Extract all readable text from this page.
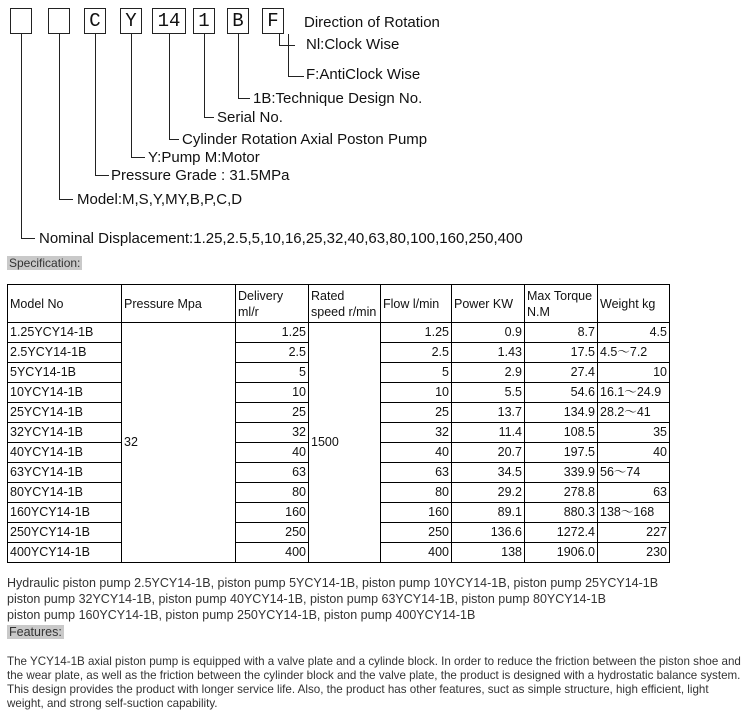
C Y 14 1 B F	Direction of Rotation
Nl:Clock Wise
F:AntiClock Wise
1B:Technique Design No.
Serial No.
Cylinder Rotation Axial Poston Pump
Y:Pump M:Motor
Pressure Grade : 31.5MPa
Model:M,S,Y,MY,B,P,C,D
Nominal Displacement:1.25,2.5,5,10,16,25,32,40,63,80,100,160,250,400
Specification:
Model No	Pressure Mpa	Delivery ml/r	Rated speed r/min	Flow l/min	Power KW	Max Torque N.M	Weight kg
1.25YCY14-1B	32	1.25	1500	1.25	0.9	8.7	4.5
2.5YCY14-1B		2.5		2.5	1.43	17.5	4.5～7.2
5YCY14-1B		5		5	2.9	27.4	10
10YCY14-1B		10		10	5.5	54.6	16.1～24.9
25YCY14-1B		25		25	13.7	134.9	28.2～41
32YCY14-1B		32		32	11.4	108.5	35
40YCY14-1B		40		40	20.7	197.5	40
63YCY14-1B		63		63	34.5	339.9	56～74
80YCY14-1B		80		80	29.2	278.8	63
160YCY14-1B		160		160	89.1	880.3	138～168
250YCY14-1B		250		250	136.6	1272.4	227
400YCY14-1B		400		400	138	1906.0	230
Hydraulic piston pump 2.5YCY14-1B, piston pump 5YCY14-1B, piston pump 10YCY14-1B, piston pump 25YCY14-1B
piston pump 32YCY14-1B, piston pump 40YCY14-1B, piston pump 63YCY14-1B, piston pump 80YCY14-1B
piston pump 160YCY14-1B, piston pump 250YCY14-1B, piston pump 400YCY14-1B
Features:
The YCY14-1B axial piston pump is equipped with a valve plate and a cylinde block. In order to reduce the friction between the piston shoe and the wear plate, as well as the friction between the cylinder block and the valve plate, the product is designed with a hydrostatic balance system. This design provides the product with longer service life. Also, the product has other features, suct as simple structure, high efficient, light weight, and strong self-suction capability.
